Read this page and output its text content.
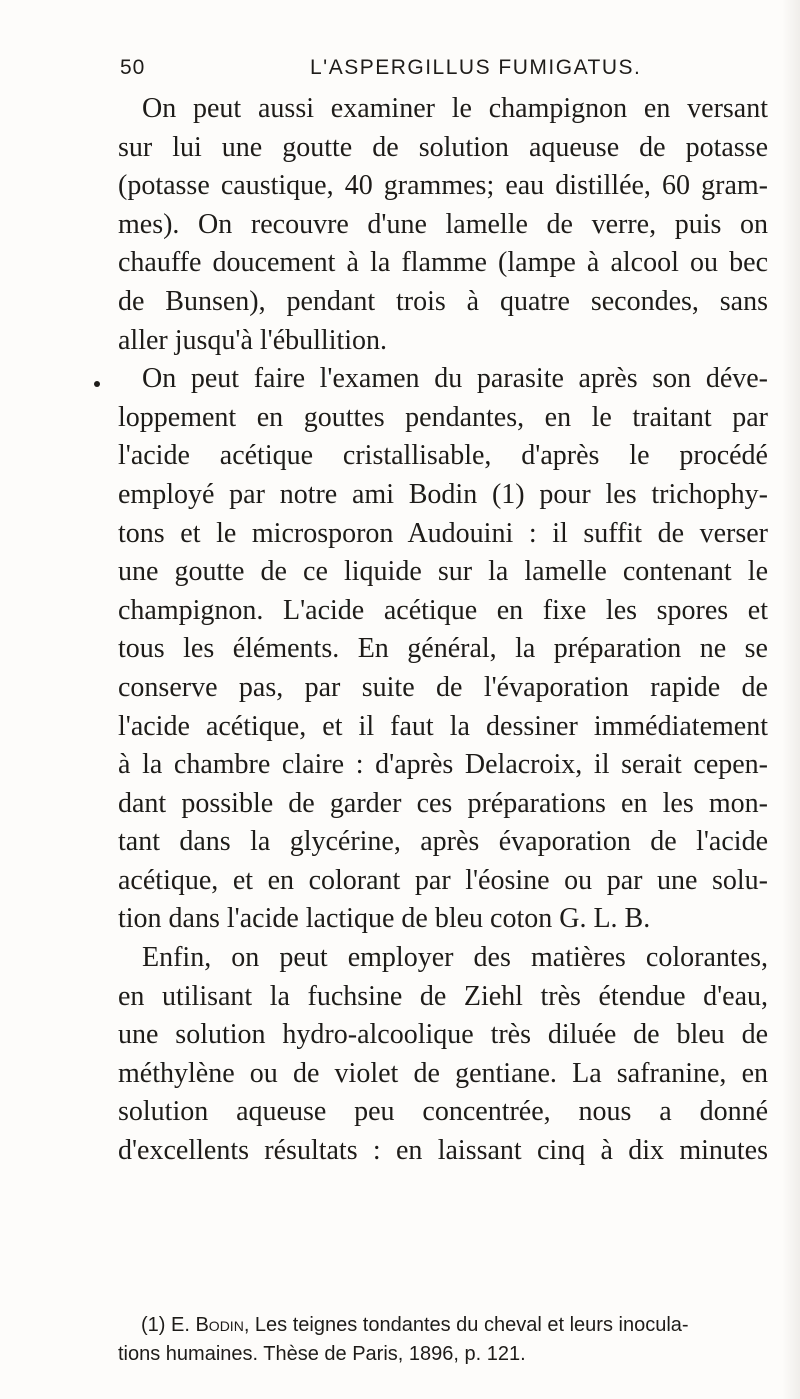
50	L'ASPERGILLUS FUMIGATUS.
On peut aussi examiner le champignon en versant
sur lui une goutte de solution aqueuse de potasse
(potasse caustique, 40 grammes; eau distillée, 60 gram-
mes). On recouvre d'une lamelle de verre, puis on
chauffe doucement à la flamme (lampe à alcool ou bec
de Bunsen), pendant trois à quatre secondes, sans
aller jusqu'à l'ébullition.
On peut faire l'examen du parasite après son déve-
loppement en gouttes pendantes, en le traitant par
l'acide acétique cristallisable, d'après le procédé
employé par notre ami Bodin (1) pour les trichophy-
tons et le microsporon Audouini : il suffit de verser
une goutte de ce liquide sur la lamelle contenant le
champignon. L'acide acétique en fixe les spores et
tous les éléments. En général, la préparation ne se
conserve pas, par suite de l'évaporation rapide de
l'acide acétique, et il faut la dessiner immédiatement
à la chambre claire : d'après Delacroix, il serait cepen-
dant possible de garder ces préparations en les mon-
tant dans la glycérine, après évaporation de l'acide
acétique, et en colorant par l'éosine ou par une solu-
tion dans l'acide lactique de bleu coton G. L. B.
Enfin, on peut employer des matières colorantes,
en utilisant la fuchsine de Ziehl très étendue d'eau,
une solution hydro-alcoolique très diluée de bleu de
méthylène ou de violet de gentiane. La safranine, en
solution aqueuse peu concentrée, nous a donné
d'excellents résultats : en laissant cinq à dix minutes
(1) E. Bodin, Les teignes tondantes du cheval et leurs inocula-
tions humaines. Thèse de Paris, 1896, p. 121.
